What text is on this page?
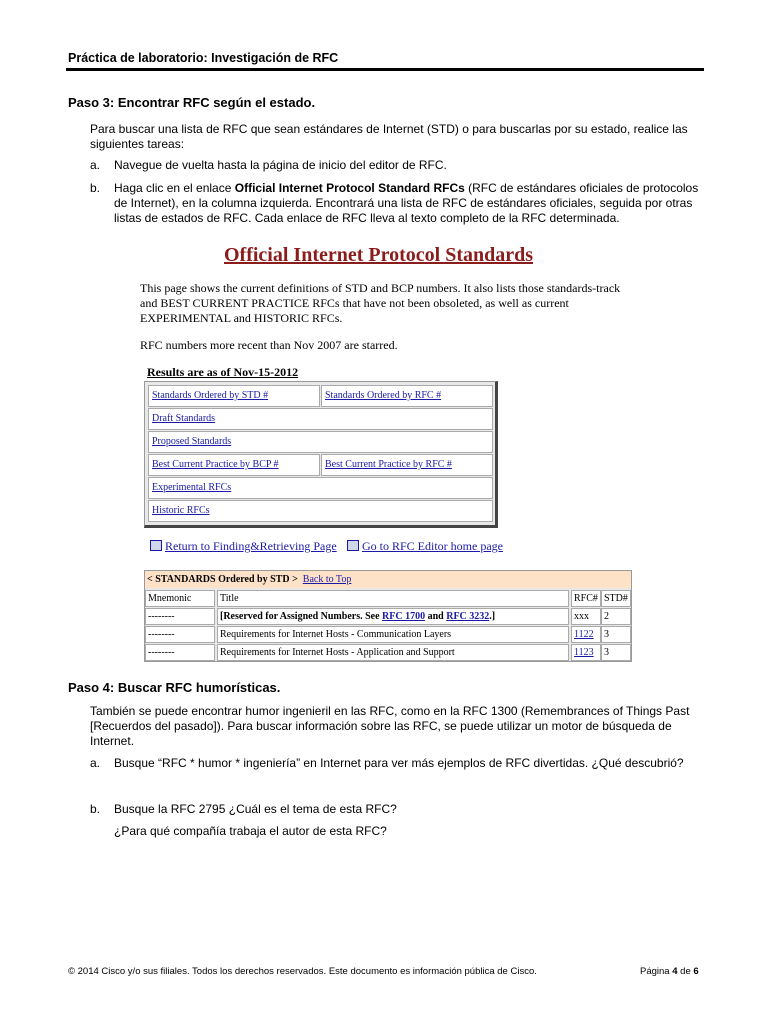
Práctica de laboratorio: Investigación de RFC
Paso 3: Encontrar RFC según el estado.
Para buscar una lista de RFC que sean estándares de Internet (STD) o para buscarlas por su estado, realice las siguientes tareas:
a. Navegue de vuelta hasta la página de inicio del editor de RFC.
b. Haga clic en el enlace Official Internet Protocol Standard RFCs (RFC de estándares oficiales de protocolos de Internet), en la columna izquierda. Encontrará una lista de RFC de estándares oficiales, seguida por otras listas de estados de RFC. Cada enlace de RFC lleva al texto completo de la RFC determinada.
Official Internet Protocol Standards
This page shows the current definitions of STD and BCP numbers. It also lists those standards-track and BEST CURRENT PRACTICE RFCs that have not been obsoleted, as well as current EXPERIMENTAL and HISTORIC RFCs.
RFC numbers more recent than Nov 2007 are starred.
Results are as of Nov-15-2012
Standards Ordered by STD #	Standards Ordered by RFC #
Draft Standards
Proposed Standards
Best Current Practice by BCP #	Best Current Practice by RFC #
Experimental RFCs
Historic RFCs
Return to Finding&Retrieving Page	Go to RFC Editor home page
< STANDARDS Ordered by STD > Back to Top
Mnemonic	Title	RFC# STD#
--------	[Reserved for Assigned Numbers. See RFC 1700 and RFC 3232.]	xxx	2
--------	Requirements for Internet Hosts - Communication Layers	1122	3
--------	Requirements for Internet Hosts - Application and Support	1123	3
Paso 4: Buscar RFC humorísticas.
También se puede encontrar humor ingenieril en las RFC, como en la RFC 1300 (Remembrances of Things Past [Recuerdos del pasado]). Para buscar información sobre las RFC, se puede utilizar un motor de búsqueda de Internet.
a. Busque “RFC * humor * ingeniería” en Internet para ver más ejemplos de RFC divertidas. ¿Qué descubrió?
b. Busque la RFC 2795 ¿Cuál es el tema de esta RFC?
¿Para qué compañía trabaja el autor de esta RFC?
© 2014 Cisco y/o sus filiales. Todos los derechos reservados. Este documento es información pública de Cisco.	Página 4 de 6
